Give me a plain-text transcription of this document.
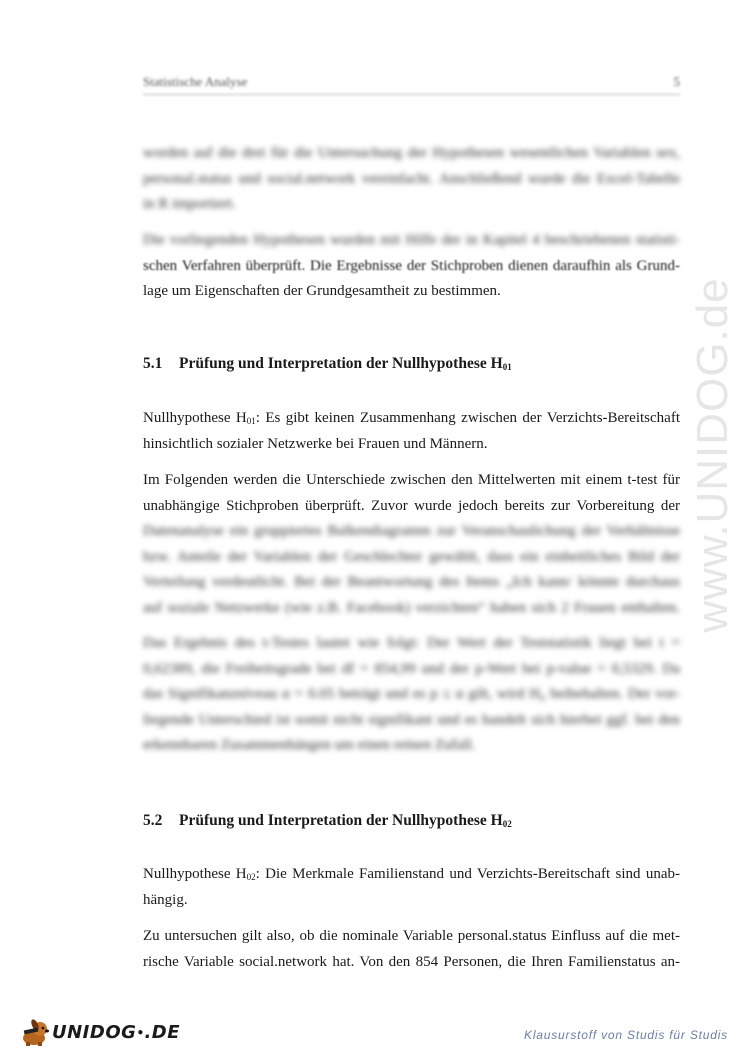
Statistische Analyse	5
www.UNIDOG.de
worden auf die drei für die Untersuchung der Hypothesen wesentlichen Variablen sex,
personal.status und social.network vereinfacht. Anschließend wurde die Excel-Tabelle
in R importiert.
Die vorliegenden Hypothesen wurden mit Hilfe der in Kapitel 4 beschriebenen statisti-
schen Verfahren überprüft. Die Ergebnisse der Stichproben dienen daraufhin als Grund-
lage um Eigenschaften der Grundgesamtheit zu bestimmen.
5.1 Prüfung und Interpretation der Nullhypothese $H_{01}$
Nullhypothese $H_{01}$: Es gibt keinen Zusammenhang zwischen der Verzichts-Bereitschaft
hinsichtlich sozialer Netzwerke bei Frauen und Männern.
Im Folgenden werden die Unterschiede zwischen den Mittelwerten mit einem t-test für
unabhängige Stichproben überprüft. Zuvor wurde jedoch bereits zur Vorbereitung der
Datenanalyse ein gruppiertes Balkendiagramm zur Veranschaulichung der Verhältnisse
bzw. Anteile der Variablen der Geschlechter gewählt, dass ein einheitliches Bild der
Verteilung verdeutlicht. Bei der Beantwortung des Items „Ich kann/ könnte durchaus
auf soziale Netzwerke (wie z.B. Facebook) verzichten“ haben sich 2 Frauen enthalten.
Das Ergebnis des t-Testes lautet wie folgt: Der Wert der Teststatistik liegt bei t =
0,62389, die Freiheitsgrade bei df = 854,99 und der p-Wert bei p-value = 0,5329. Da
das Signifikanzniveau α = 0.05 beträgt und es p ≤ α gilt, wird H₀ beibehalten. Der vor-
liegende Unterschied ist somit nicht signifikant und es handelt sich hierbei ggf. bei den
erkennbaren Zusammenhängen um einen reinen Zufall.
5.2 Prüfung und Interpretation der Nullhypothese $H_{02}$
Nullhypothese $H_{02}$: Die Merkmale Familienstand und Verzichts-Bereitschaft sind unab-
hängig.
Zu untersuchen gilt also, ob die nominale Variable personal.status Einfluss auf die met-
rische Variable social.network hat. Von den 854 Personen, die Ihren Familienstatus an-
UNIDOG ● .DE	Klausurstoff von Studis für Studis
